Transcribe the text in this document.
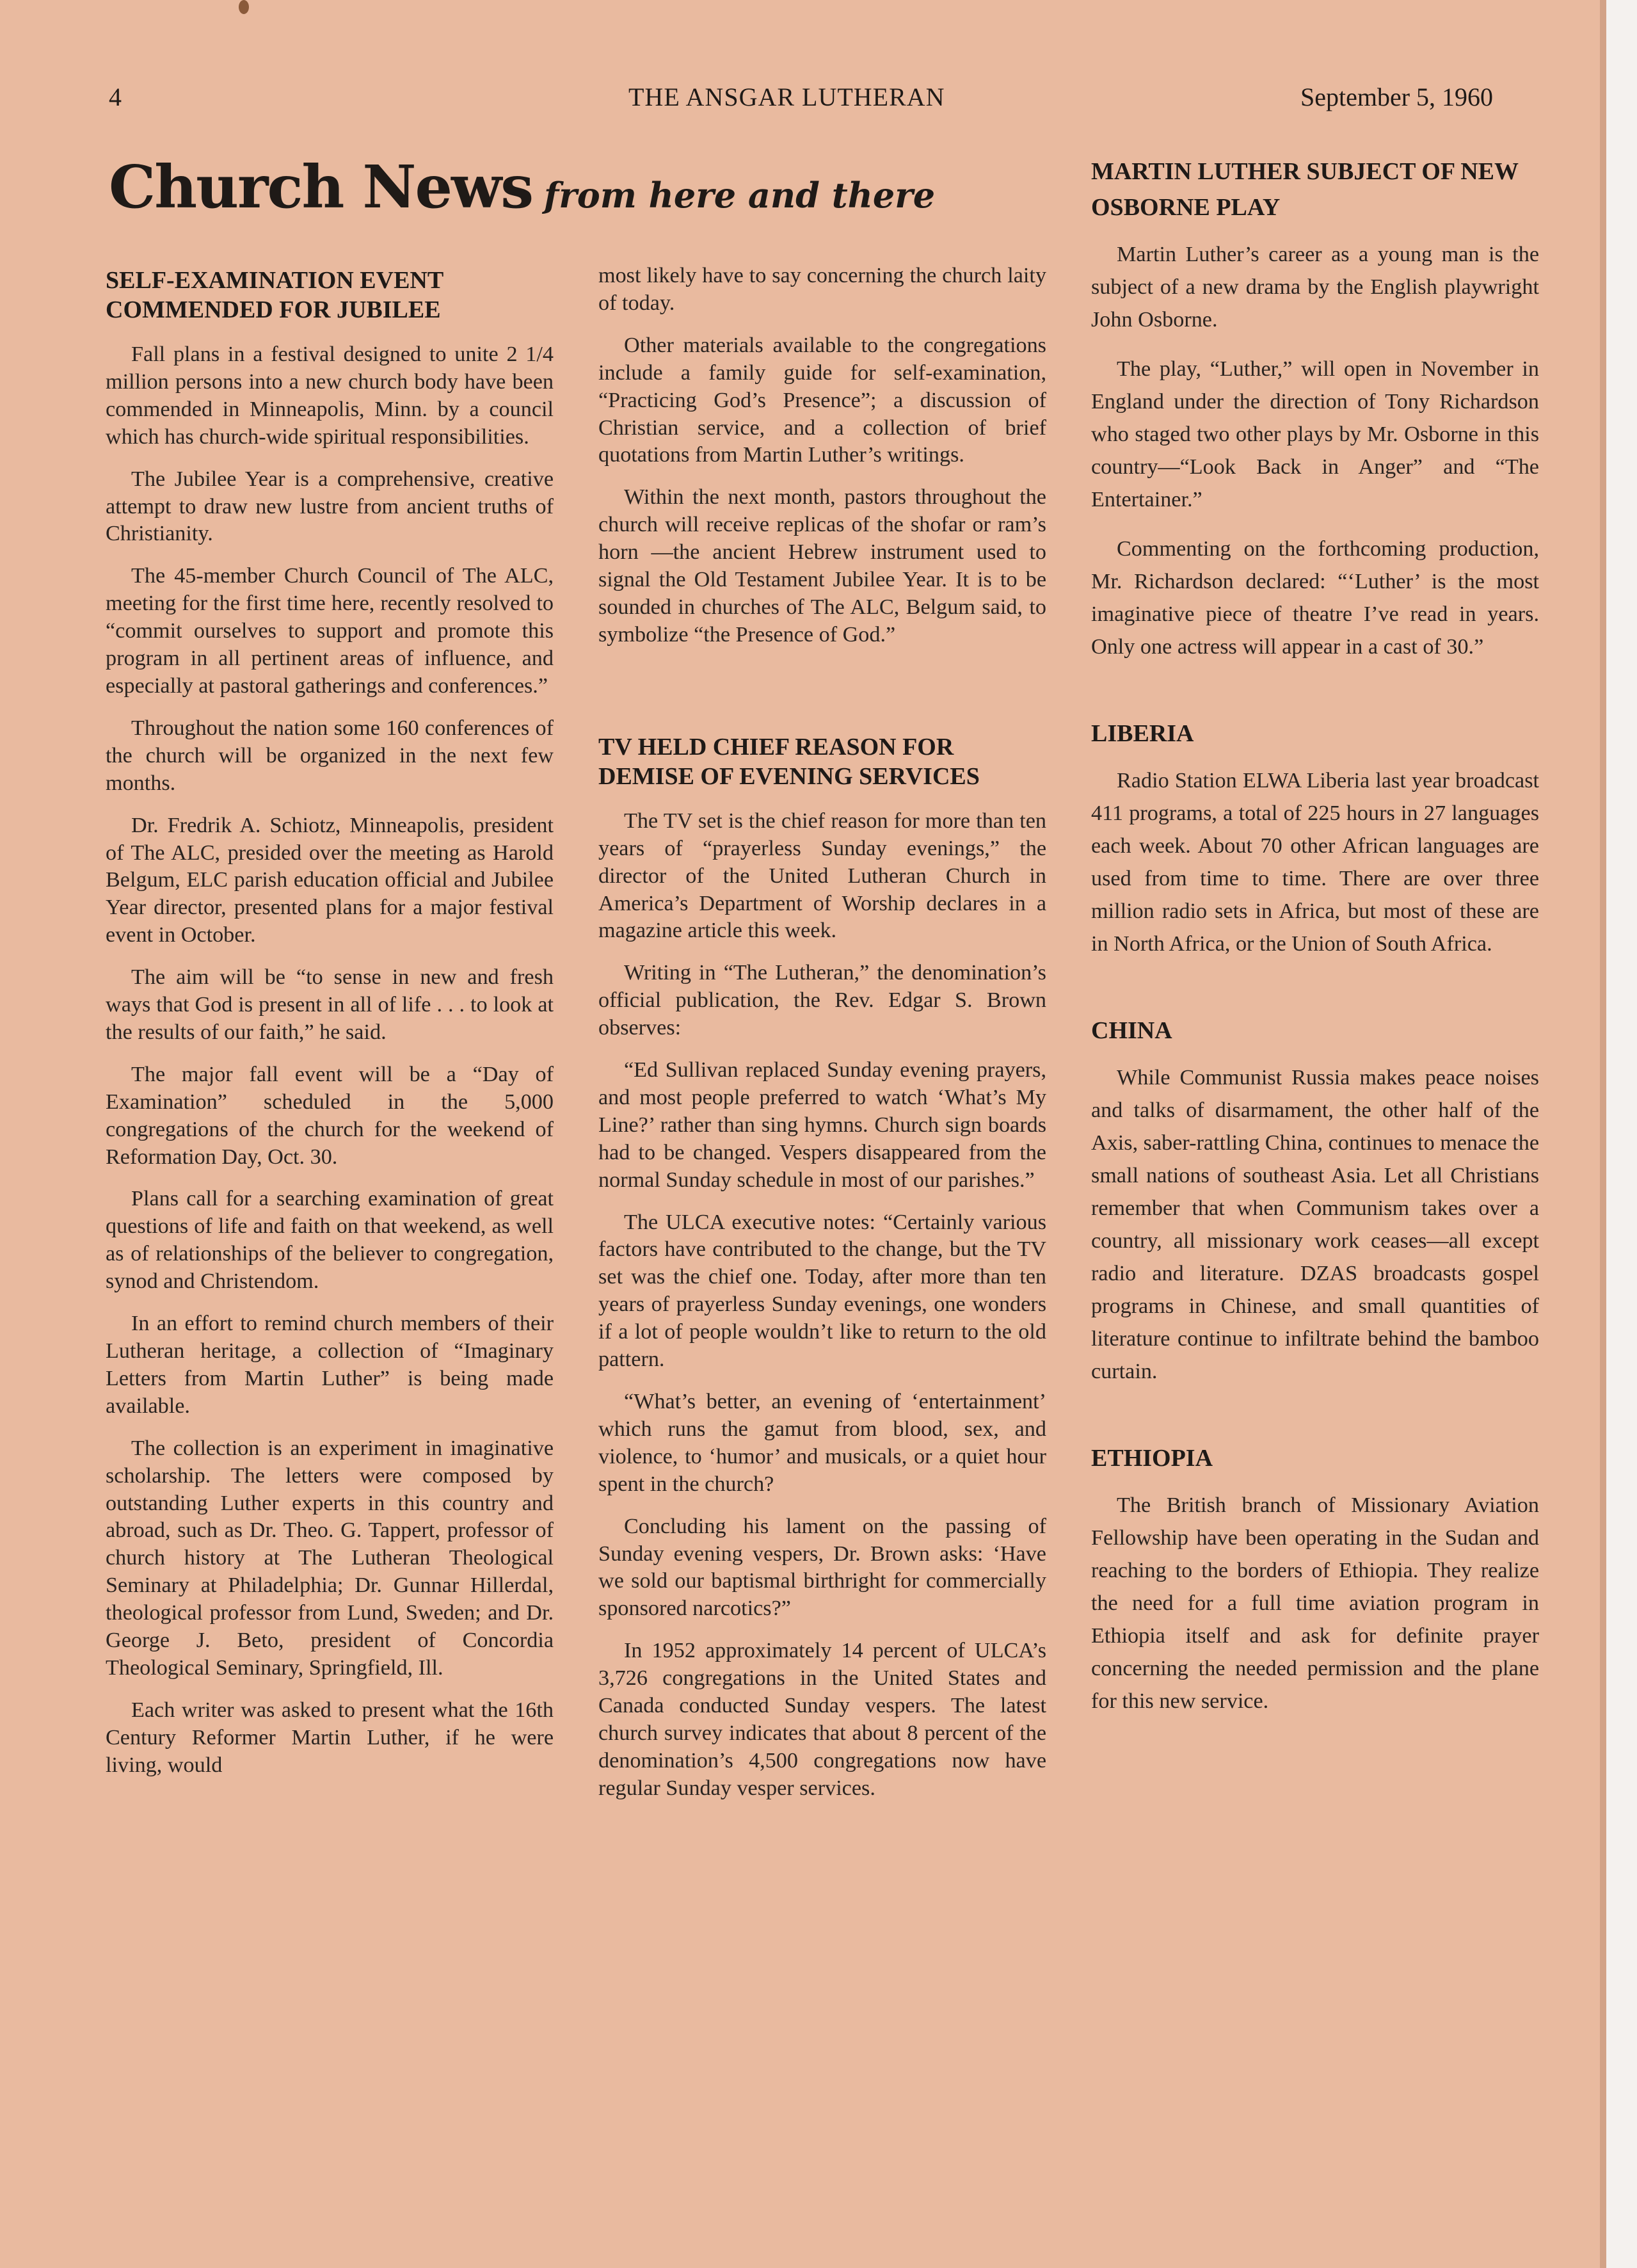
4	THE ANSGAR LUTHERAN	September 5, 1960
Church News from here and there
SELF-EXAMINATION EVENT COMMENDED FOR JUBILEE

Fall plans in a festival designed to unite 2 1/4 million persons into a new church body have been commended in Minneapolis, Minn. by a council which has church-wide spiritual responsibilities.

The Jubilee Year is a comprehensive, creative attempt to draw new lustre from ancient truths of Christianity.

The 45-member Church Council of The ALC, meeting for the first time here, recently resolved to “commit ourselves to support and promote this program in all pertinent areas of influence, and especially at pastoral gatherings and conferences.”

Throughout the nation some 160 conferences of the church will be organized in the next few months.

Dr. Fredrik A. Schiotz, Minneapolis, president of The ALC, presided over the meeting as Harold Belgum, ELC parish education official and Jubilee Year director, presented plans for a major festival event in October.

The aim will be “to sense in new and fresh ways that God is present in all of life . . . to look at the results of our faith,” he said.

The major fall event will be a “Day of Examination” scheduled in the 5,000 congregations of the church for the weekend of Reformation Day, Oct. 30.

Plans call for a searching examination of great questions of life and faith on that weekend, as well as of relationships of the believer to congregation, synod and Christendom.

In an effort to remind church members of their Lutheran heritage, a collection of “Imaginary Letters from Martin Luther” is being made available.

The collection is an experiment in imaginative scholarship. The letters were composed by outstanding Luther experts in this country and abroad, such as Dr. Theo. G. Tappert, professor of church history at The Lutheran Theological Seminary at Philadelphia; Dr. Gunnar Hillerdal, theological professor from Lund, Sweden; and Dr. George J. Beto, president of Concordia Theological Seminary, Springfield, Ill.

Each writer was asked to present what the 16th Century Reformer Martin Luther, if he were living, would

most likely have to say concerning the church laity of today.

Other materials available to the congregations include a family guide for self-examination, “Practicing God’s Presence”; a discussion of Christian service, and a collection of brief quotations from Martin Luther’s writings.

Within the next month, pastors throughout the church will receive replicas of the shofar or ram’s horn —the ancient Hebrew instrument used to signal the Old Testament Jubilee Year. It is to be sounded in churches of The ALC, Belgum said, to symbolize “the Presence of God.”

TV HELD CHIEF REASON FOR DEMISE OF EVENING SERVICES

The TV set is the chief reason for more than ten years of “prayerless Sunday evenings,” the director of the United Lutheran Church in America’s Department of Worship declares in a magazine article this week.

Writing in “The Lutheran,” the denomination’s official publication, the Rev. Edgar S. Brown observes:

“Ed Sullivan replaced Sunday evening prayers, and most people preferred to watch ‘What’s My Line?’ rather than sing hymns. Church sign boards had to be changed. Vespers disappeared from the normal Sunday schedule in most of our parishes.”

The ULCA executive notes: “Certainly various factors have contributed to the change, but the TV set was the chief one. Today, after more than ten years of prayerless Sunday evenings, one wonders if a lot of people wouldn’t like to return to the old pattern.

“What’s better, an evening of ‘entertainment’ which runs the gamut from blood, sex, and violence, to ‘humor’ and musicals, or a quiet hour spent in the church?

Concluding his lament on the passing of Sunday evening vespers, Dr. Brown asks: ‘Have we sold our baptismal birthright for commercially sponsored narcotics?”

In 1952 approximately 14 percent of ULCA’s 3,726 congregations in the United States and Canada conducted Sunday vespers. The latest church survey indicates that about 8 percent of the denomination’s 4,500 congregations now have regular Sunday vesper services.

MARTIN LUTHER SUBJECT OF NEW OSBORNE PLAY

Martin Luther’s career as a young man is the subject of a new drama by the English playwright John Osborne.

The play, “Luther,” will open in November in England under the direction of Tony Richardson who staged two other plays by Mr. Osborne in this country—“Look Back in Anger” and “The Entertainer.”

Commenting on the forthcoming production, Mr. Richardson declared: “‘Luther’ is the most imaginative piece of theatre I’ve read in years. Only one actress will appear in a cast of 30.”

LIBERIA

Radio Station ELWA Liberia last year broadcast 411 programs, a total of 225 hours in 27 languages each week. About 70 other African languages are used from time to time. There are over three million radio sets in Africa, but most of these are in North Africa, or the Union of South Africa.

CHINA

While Communist Russia makes peace noises and talks of disarmament, the other half of the Axis, saber-rattling China, continues to menace the small nations of southeast Asia. Let all Christians remember that when Communism takes over a country, all missionary work ceases—all except radio and literature. DZAS broadcasts gospel programs in Chinese, and small quantities of literature continue to infiltrate behind the bamboo curtain.

ETHIOPIA

The British branch of Missionary Aviation Fellowship have been operating in the Sudan and reaching to the borders of Ethiopia. They realize the need for a full time aviation program in Ethiopia itself and ask for definite prayer concerning the needed permission and the plane for this new service.
